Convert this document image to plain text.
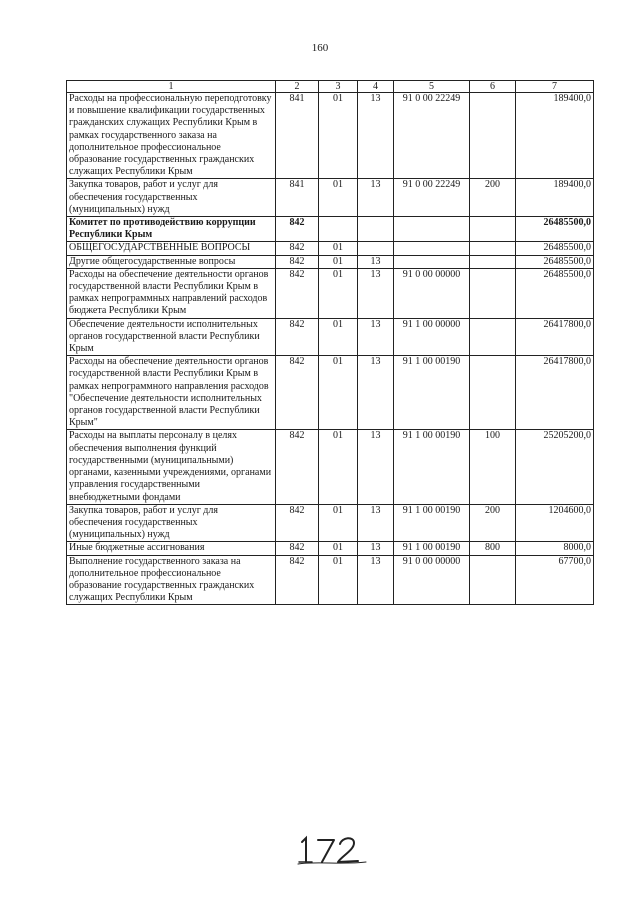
160
1	2	3	4	5	6	7
Расходы на профессиональную переподготовку и повышение квалификации государственных гражданских служащих Республики Крым в рамках государственного заказа на дополнительное профессиональное образование государственных гражданских служащих Республики Крым	841	01	13	91 0 00 22249		189400,0
Закупка товаров, работ и услуг для обеспечения государственных (муниципальных) нужд	841	01	13	91 0 00 22249	200	189400,0
Комитет по противодействию коррупции Республики Крым	842					26485500,0
ОБЩЕГОСУДАРСТВЕННЫЕ ВОПРОСЫ	842	01				26485500,0
Другие общегосударственные вопросы	842	01	13			26485500,0
Расходы на обеспечение деятельности органов государственной власти Республики Крым в рамках непрограммных направлений расходов бюджета Республики Крым	842	01	13	91 0 00 00000		26485500,0
Обеспечение деятельности исполнительных органов государственной власти Республики Крым	842	01	13	91 1 00 00000		26417800,0
Расходы на обеспечение деятельности органов государственной власти Республики Крым в рамках непрограммного направления расходов "Обеспечение деятельности исполнительных органов государственной власти Республики Крым"	842	01	13	91 1 00 00190		26417800,0
Расходы на выплаты персоналу в целях обеспечения выполнения функций государственными (муниципальными) органами, казенными учреждениями, органами управления государственными внебюджетными фондами	842	01	13	91 1 00 00190	100	25205200,0
Закупка товаров, работ и услуг для обеспечения государственных (муниципальных) нужд	842	01	13	91 1 00 00190	200	1204600,0
Иные бюджетные ассигнования	842	01	13	91 1 00 00190	800	8000,0
Выполнение государственного заказа на дополнительное профессиональное образование государственных гражданских служащих Республики Крым	842	01	13	91 0 00 00000		67700,0
